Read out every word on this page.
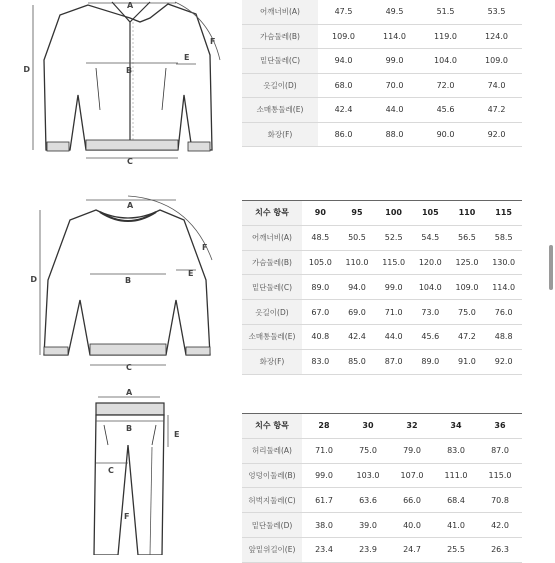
A
B
C
D
E
F
어깨너비(A)	47.5	49.5	51.5	53.5
가슴둘레(B)	109.0	114.0	119.0	124.0
밑단둘레(C)	94.0	99.0	104.0	109.0
옷길이(D)	68.0	70.0	72.0	74.0
소매통둘레(E)	42.4	44.0	45.6	47.2
화장(F)	86.0	88.0	90.0	92.0
A
B
C
D
E
F
치수 항목	90	95	100	105	110	115
어깨너비(A)	48.5	50.5	52.5	54.5	56.5	58.5
가슴둘레(B)	105.0	110.0	115.0	120.0	125.0	130.0
밑단둘레(C)	89.0	94.0	99.0	104.0	109.0	114.0
옷길이(D)	67.0	69.0	71.0	73.0	75.0	76.0
소매통둘레(E)	40.8	42.4	44.0	45.6	47.2	48.8
화장(F)	83.0	85.0	87.0	89.0	91.0	92.0
A
B
C
E
F
치수 항목	28	30	32	34	36
허리둘레(A)	71.0	75.0	79.0	83.0	87.0
엉덩이둘레(B)	99.0	103.0	107.0	111.0	115.0
허벅지둘레(C)	61.7	63.6	66.0	68.4	70.8
밑단둘레(D)	38.0	39.0	40.0	41.0	42.0
앞밑위길이(E)	23.4	23.9	24.7	25.5	26.3
